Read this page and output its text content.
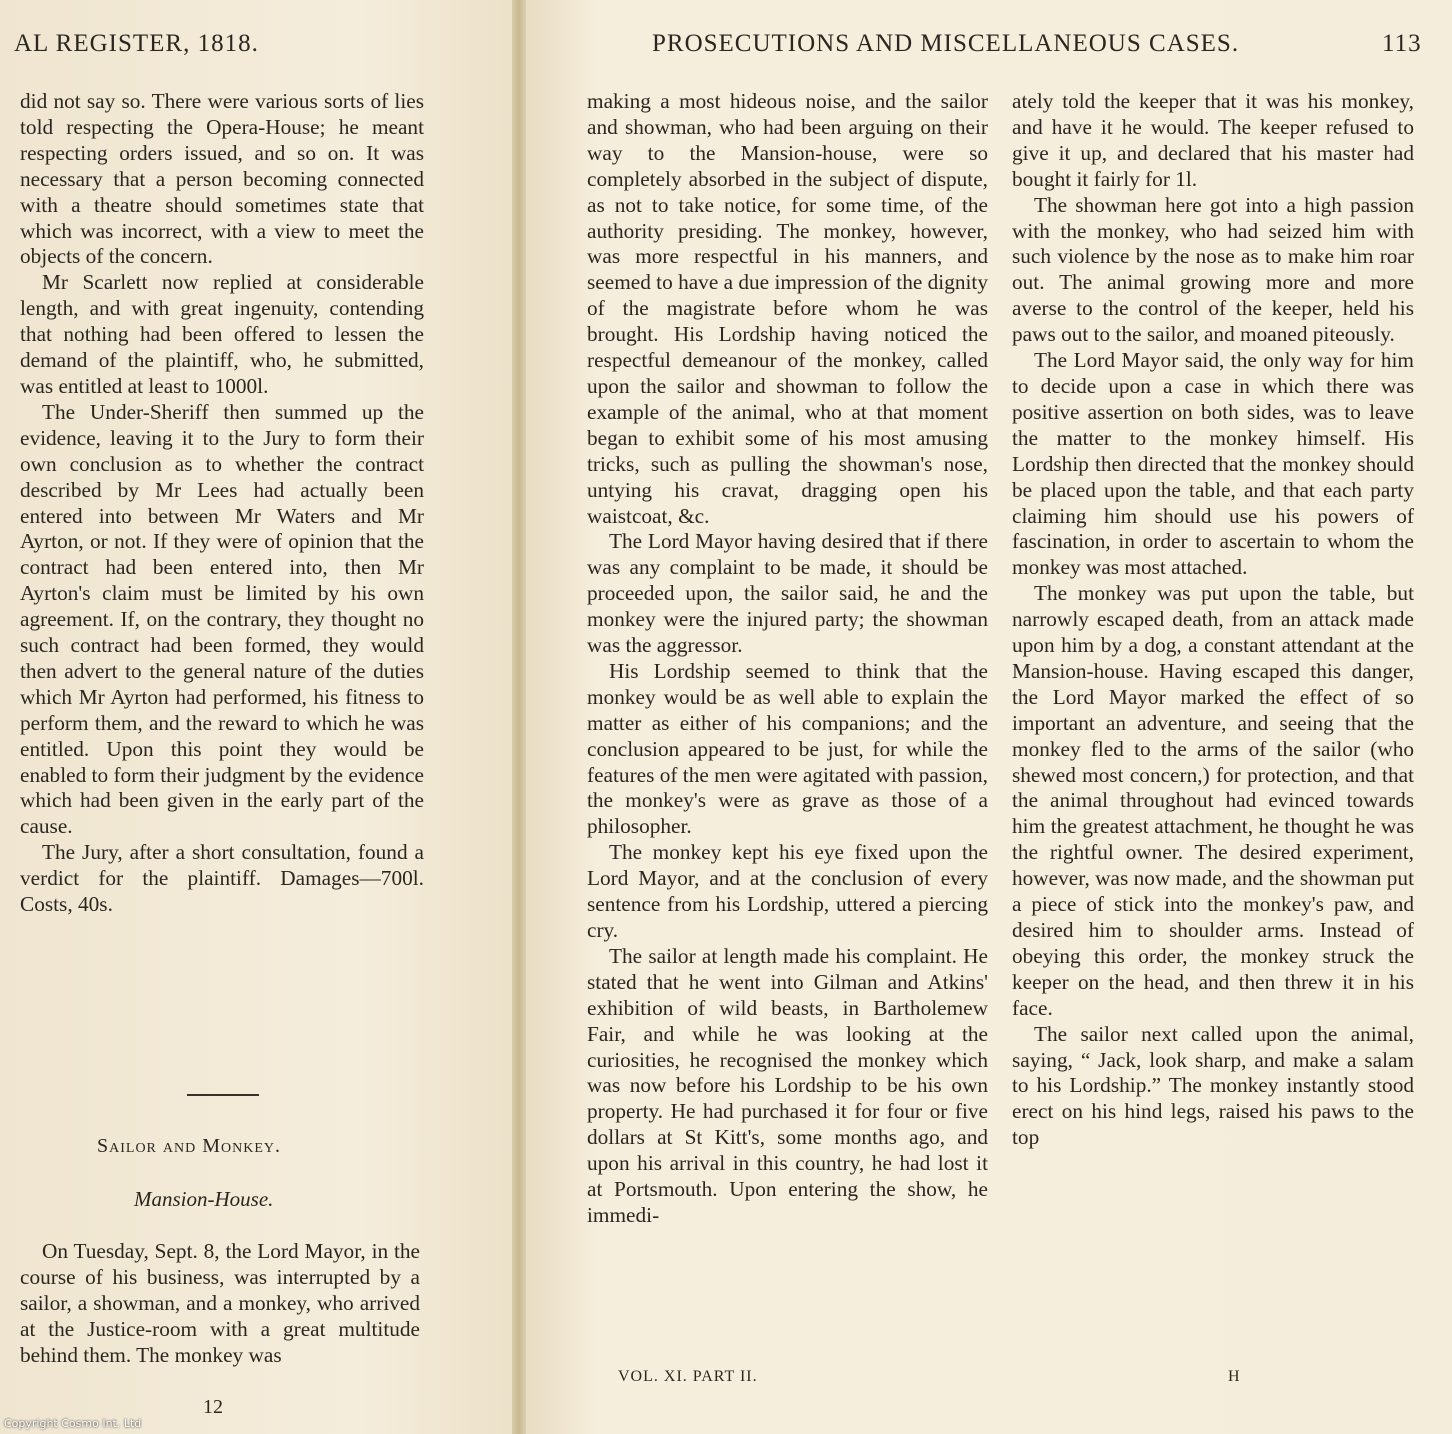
AL REGISTER, 1818.

did not say so. There were various sorts of lies told respecting the Opera-House; he meant respecting orders issued, and so on. It was necessary that a person becoming connected with a theatre should sometimes state that which was incorrect, with a view to meet the objects of the concern.

Mr Scarlett now replied at considerable length, and with great ingenuity, contending that nothing had been offered to lessen the demand of the plaintiff, who, he submitted, was entitled at least to 1000l.

The Under-Sheriff then summed up the evidence, leaving it to the Jury to form their own conclusion as to whether the contract described by Mr Lees had actually been entered into between Mr Waters and Mr Ayrton, or not. If they were of opinion that the contract had been entered into, then Mr Ayrton's claim must be limited by his own agreement. If, on the contrary, they thought no such contract had been formed, they would then advert to the general nature of the duties which Mr Ayrton had performed, his fitness to perform them, and the reward to which he was entitled. Upon this point they would be enabled to form their judgment by the evidence which had been given in the early part of the cause.

The Jury, after a short consultation, found a verdict for the plaintiff. Damages—700l. Costs, 40s.

Sailor and Monkey.
Mansion-House.

On Tuesday, Sept. 8, the Lord Mayor, in the course of his business, was interrupted by a sailor, a showman, and a monkey, who arrived at the Justice-room with a great multitude behind them. The monkey was

12
PROSECUTIONS AND MISCELLANEOUS CASES.	113

making a most hideous noise, and the sailor and showman, who had been arguing on their way to the Mansion-house, were so completely absorbed in the subject of dispute, as not to take notice, for some time, of the authority presiding. The monkey, however, was more respectful in his manners, and seemed to have a due impression of the dignity of the magistrate before whom he was brought. His Lordship having noticed the respectful demeanour of the monkey, called upon the sailor and showman to follow the example of the animal, who at that moment began to exhibit some of his most amusing tricks, such as pulling the showman's nose, untying his cravat, dragging open his waistcoat, &c.

The Lord Mayor having desired that if there was any complaint to be made, it should be proceeded upon, the sailor said, he and the monkey were the injured party; the showman was the aggressor.

His Lordship seemed to think that the monkey would be as well able to explain the matter as either of his companions; and the conclusion appeared to be just, for while the features of the men were agitated with passion, the monkey's were as grave as those of a philosopher.

The monkey kept his eye fixed upon the Lord Mayor, and at the conclusion of every sentence from his Lordship, uttered a piercing cry.

The sailor at length made his complaint. He stated that he went into Gilman and Atkins' exhibition of wild beasts, in Bartholemew Fair, and while he was looking at the curiosities, he recognised the monkey which was now before his Lordship to be his own property. He had purchased it for four or five dollars at St Kitt's, some months ago, and upon his arrival in this country, he had lost it at Portsmouth. Upon entering the show, he immedi-

ately told the keeper that it was his monkey, and have it he would. The keeper refused to give it up, and declared that his master had bought it fairly for 1l.

The showman here got into a high passion with the monkey, who had seized him with such violence by the nose as to make him roar out. The animal growing more and more averse to the control of the keeper, held his paws out to the sailor, and moaned piteously.

The Lord Mayor said, the only way for him to decide upon a case in which there was positive assertion on both sides, was to leave the matter to the monkey himself. His Lordship then directed that the monkey should be placed upon the table, and that each party claiming him should use his powers of fascination, in order to ascertain to whom the monkey was most attached.

The monkey was put upon the table, but narrowly escaped death, from an attack made upon him by a dog, a constant attendant at the Mansion-house. Having escaped this danger, the Lord Mayor marked the effect of so important an adventure, and seeing that the monkey fled to the arms of the sailor (who shewed most concern,) for protection, and that the animal throughout had evinced towards him the greatest attachment, he thought he was the rightful owner. The desired experiment, however, was now made, and the showman put a piece of stick into the monkey's paw, and desired him to shoulder arms. Instead of obeying this order, the monkey struck the keeper on the head, and then threw it in his face.

The sailor next called upon the animal, saying, “ Jack, look sharp, and make a salam to his Lordship.” The monkey instantly stood erect on his hind legs, raised his paws to the top

VOL. XI. PART II.	H
Copyright Cosmo Int. Ltd
